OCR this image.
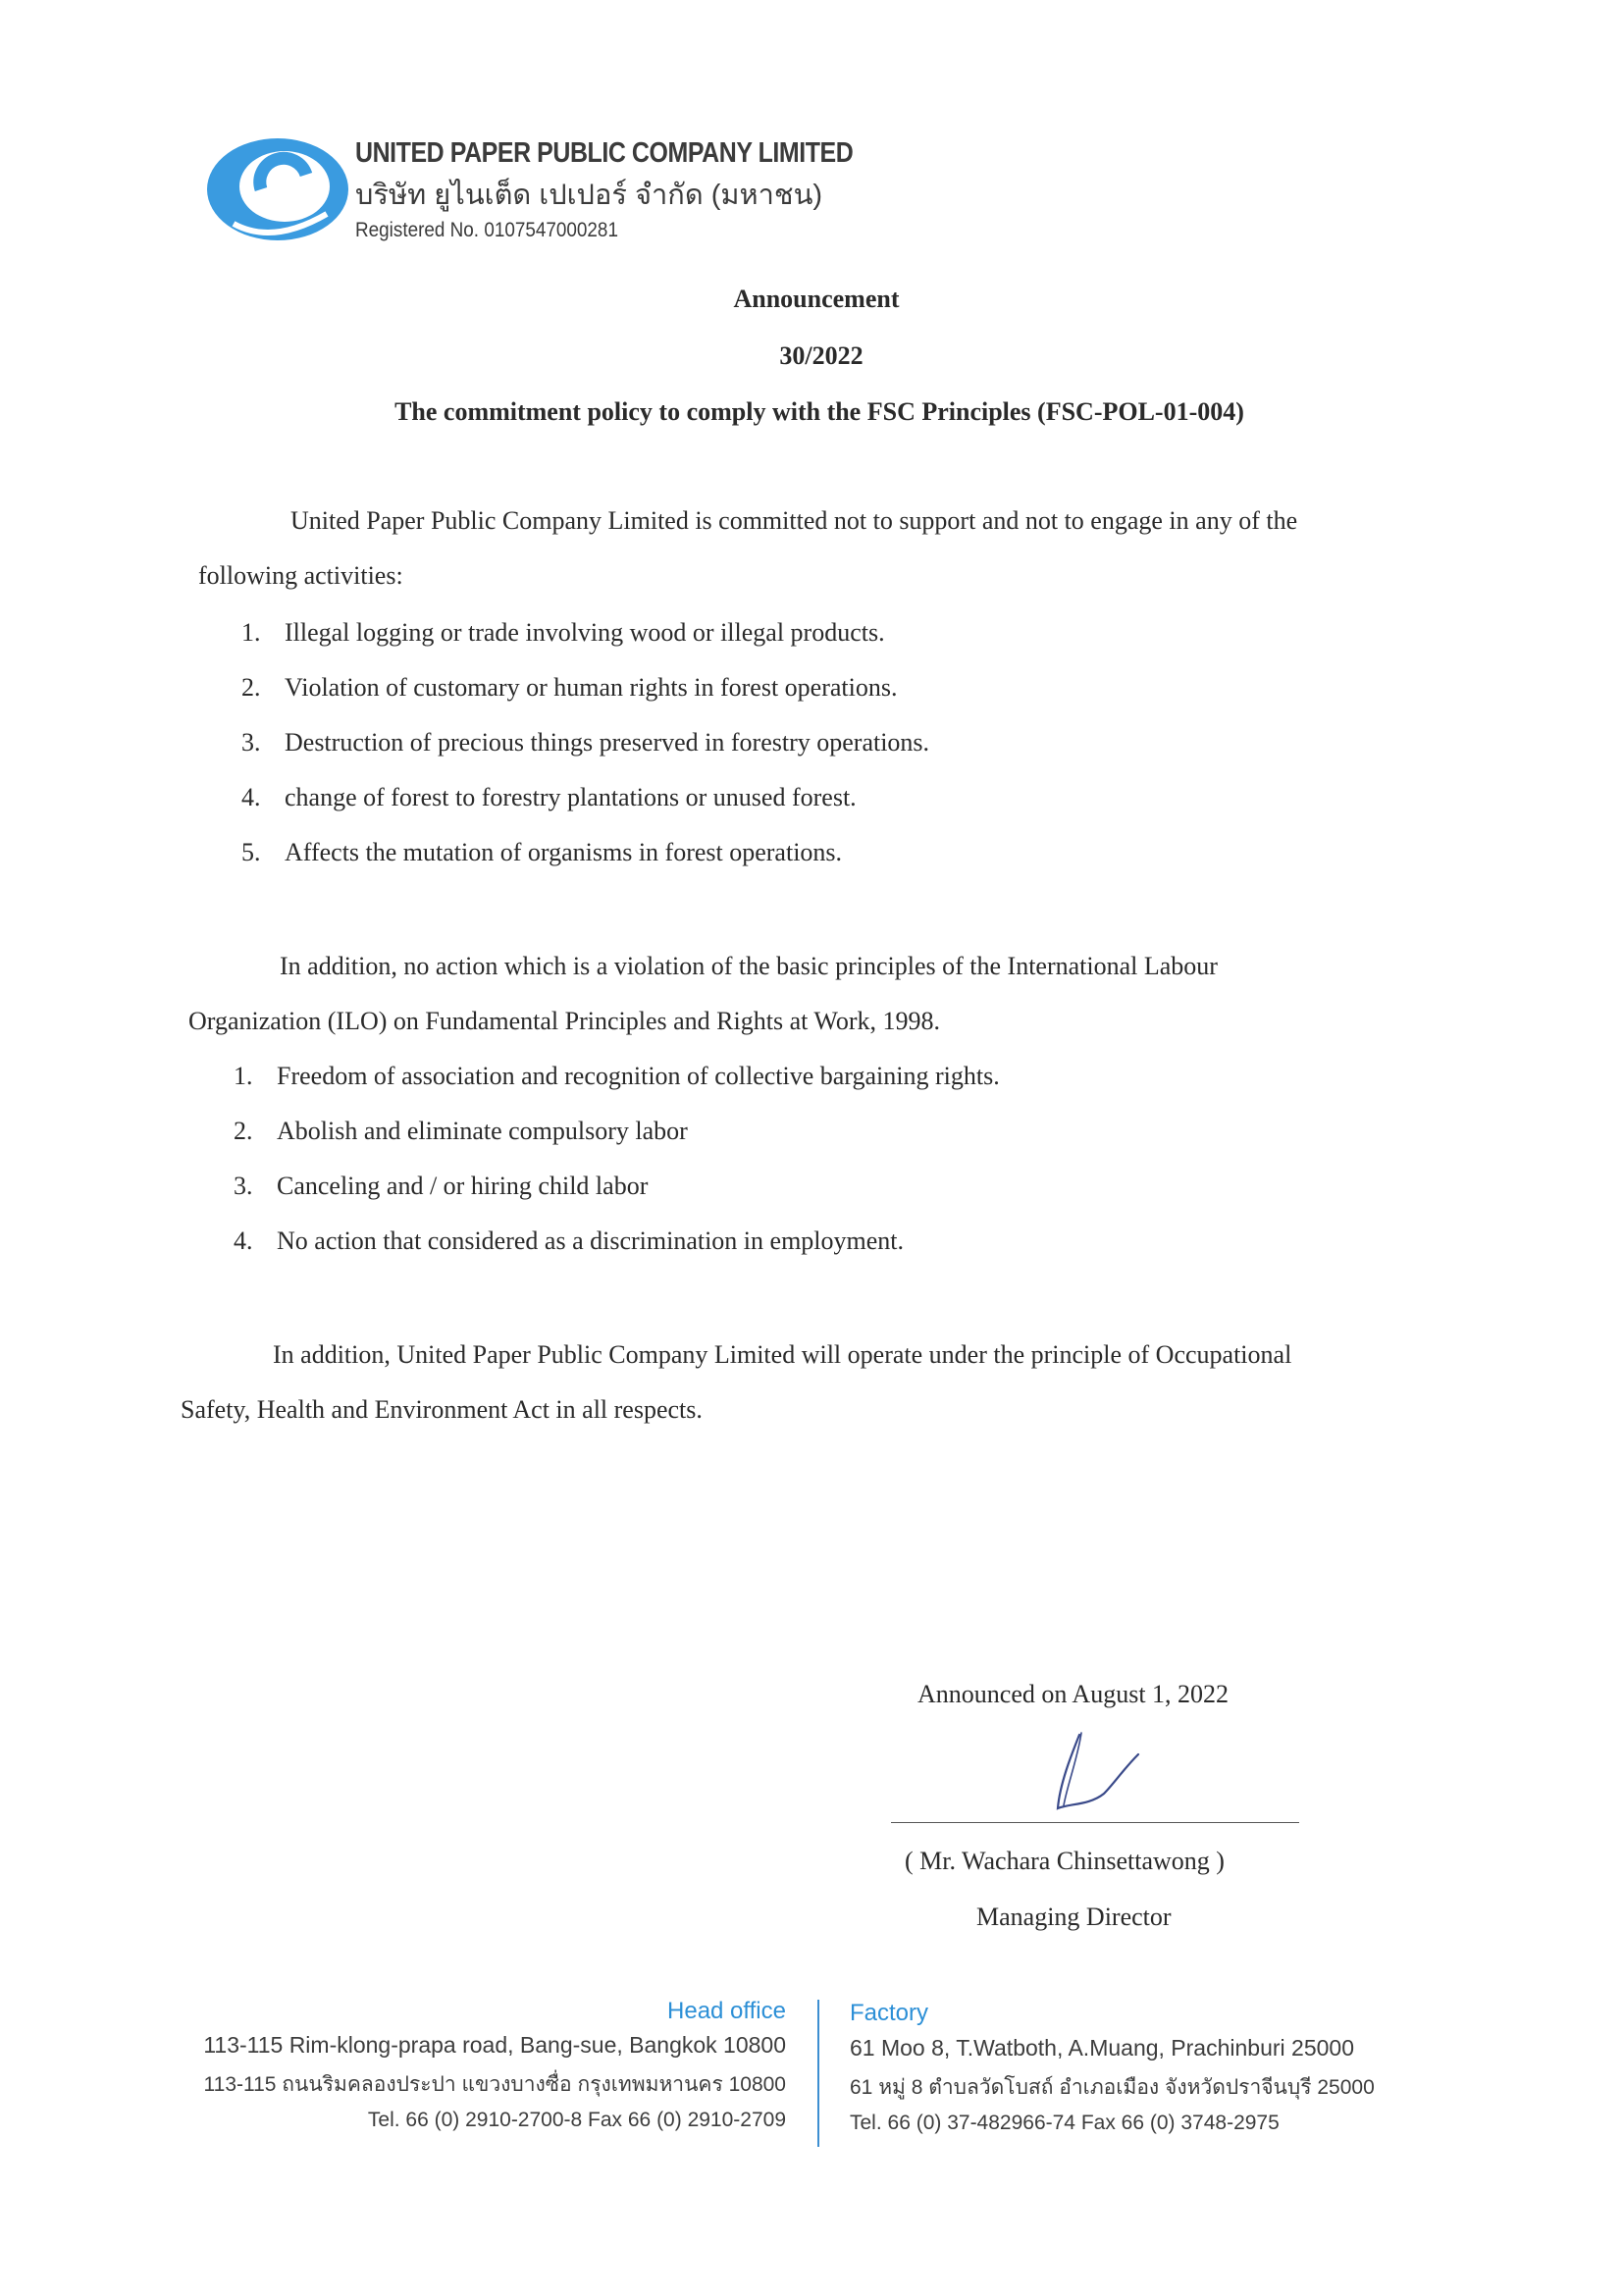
UNITED PAPER PUBLIC COMPANY LIMITED
บริษัท ยูไนเต็ด เปเปอร์ จำกัด (มหาชน)
Registered No. 0107547000281
Announcement
30/2022
The commitment policy to comply with the FSC Principles (FSC-POL-01-004)
United Paper Public Company Limited is committed not to support and not to engage in any of the
following activities:
1. Illegal logging or trade involving wood or illegal products.
2. Violation of customary or human rights in forest operations.
3. Destruction of precious things preserved in forestry operations.
4. change of forest to forestry plantations or unused forest.
5. Affects the mutation of organisms in forest operations.
In addition, no action which is a violation of the basic principles of the International Labour
Organization (ILO) on Fundamental Principles and Rights at Work, 1998.
1. Freedom of association and recognition of collective bargaining rights.
2. Abolish and eliminate compulsory labor
3. Canceling and / or hiring child labor
4. No action that considered as a discrimination in employment.
In addition, United Paper Public Company Limited will operate under the principle of Occupational
Safety, Health and Environment Act in all respects.
Announced on August 1, 2022
( Mr. Wachara Chinsettawong )
Managing Director
Head office
113-115 Rim-klong-prapa road, Bang-sue, Bangkok 10800
113-115 ถนนริมคลองประปา แขวงบางซื่อ กรุงเทพมหานคร 10800
Tel. 66 (0) 2910-2700-8 Fax 66 (0) 2910-2709
Factory
61 Moo 8, T.Watboth, A.Muang, Prachinburi 25000
61 หมู่ 8 ตำบลวัดโบสถ์ อำเภอเมือง จังหวัดปราจีนบุรี 25000
Tel. 66 (0) 37-482966-74 Fax 66 (0) 3748-2975
